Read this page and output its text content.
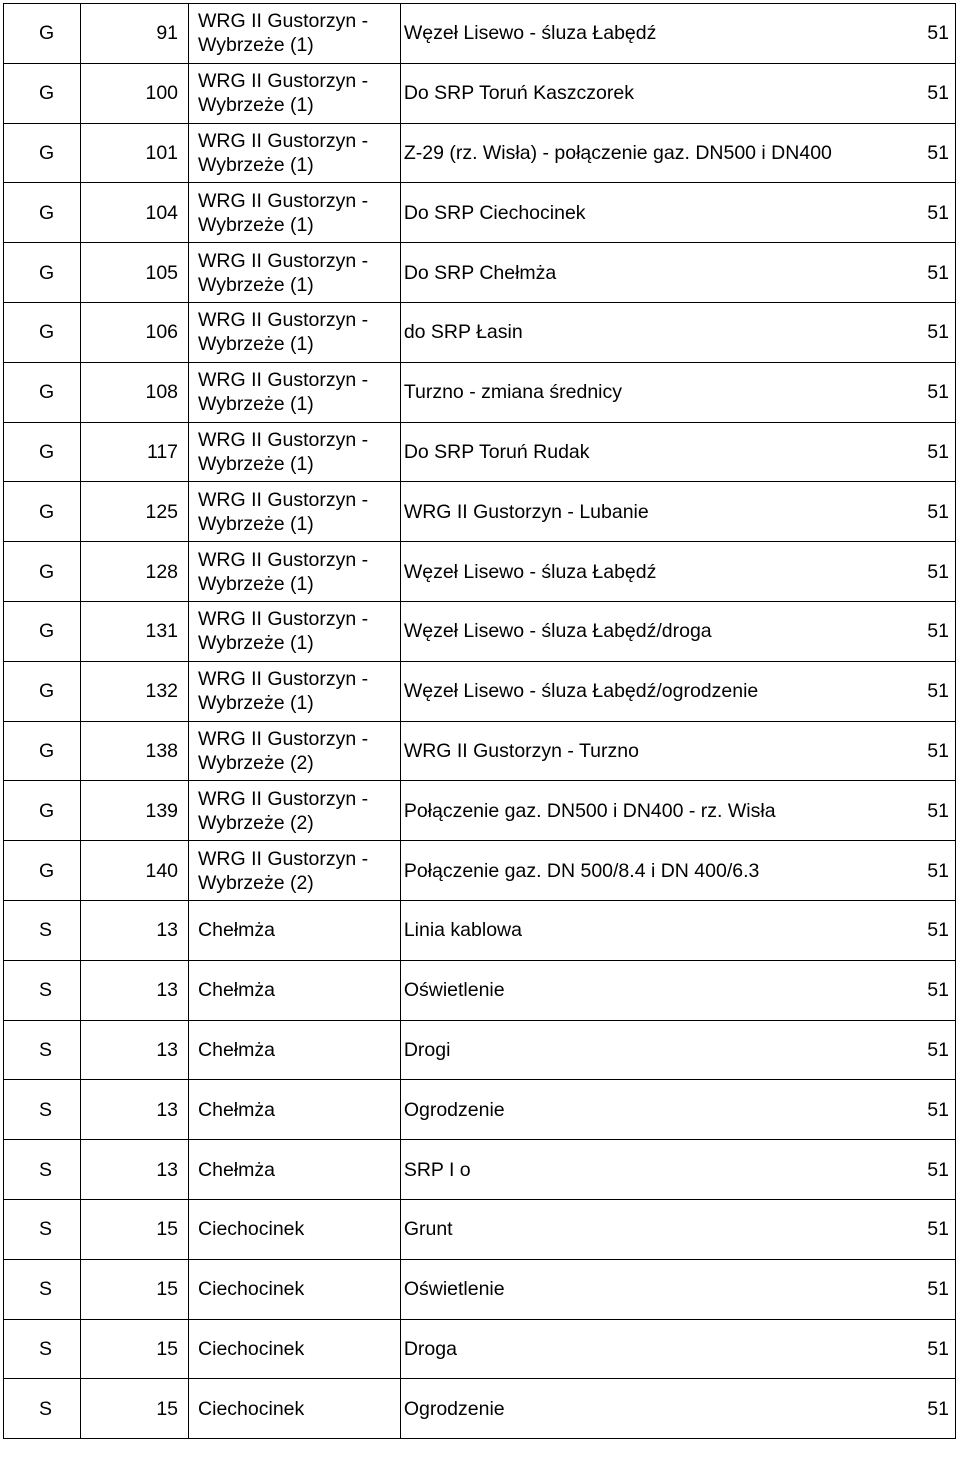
G	91	WRG II Gustorzyn - Wybrzeże (1)	Węzeł Lisewo - śluza Łabędź 51

G	100	WRG II Gustorzyn - Wybrzeże (1)	Do SRP Toruń Kaszczorek 51

G	101	WRG II Gustorzyn - Wybrzeże (1)	Z-29 (rz. Wisła) - połączenie gaz. DN500 i DN400 51

G	104	WRG II Gustorzyn - Wybrzeże (1)	Do SRP Ciechocinek 51

G	105	WRG II Gustorzyn - Wybrzeże (1)	Do SRP Chełmża 51

G	106	WRG II Gustorzyn - Wybrzeże (1)	do SRP Łasin 51

G	108	WRG II Gustorzyn - Wybrzeże (1)	Turzno - zmiana średnicy 51

G	117	WRG II Gustorzyn - Wybrzeże (1)	Do SRP Toruń Rudak 51

G	125	WRG II Gustorzyn - Wybrzeże (1)	WRG II Gustorzyn - Lubanie 51

G	128	WRG II Gustorzyn - Wybrzeże (1)	Węzeł Lisewo - śluza Łabędź 51

G	131	WRG II Gustorzyn - Wybrzeże (1)	Węzeł Lisewo - śluza Łabędź/droga 51

G	132	WRG II Gustorzyn - Wybrzeże (1)	Węzeł Lisewo - śluza Łabędź/ogrodzenie 51

G	138	WRG II Gustorzyn - Wybrzeże (2)	WRG II Gustorzyn - Turzno 51

G	139	WRG II Gustorzyn - Wybrzeże (2)	Połączenie gaz. DN500 i DN400 - rz. Wisła 51

G	140	WRG II Gustorzyn - Wybrzeże (2)	Połączenie gaz. DN 500/8.4 i DN 400/6.3 51

S	13	Chełmża	Linia kablowa 51

S	13	Chełmża	Oświetlenie 51

S	13	Chełmża	Drogi 51

S	13	Chełmża	Ogrodzenie 51

S	13	Chełmża	SRP I o 51

S	15	Ciechocinek	Grunt 51

S	15	Ciechocinek	Oświetlenie 51

S	15	Ciechocinek	Droga 51

S	15	Ciechocinek	Ogrodzenie 51
